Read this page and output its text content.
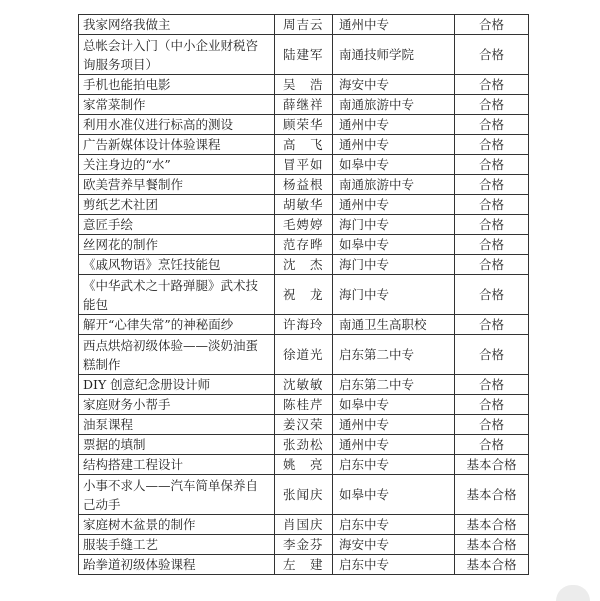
我家网络我做主	周吉云	通州中专	合格
总帐会计入门（中小企业财税咨询服务项目）	陆建军	南通技师学院	合格
手机也能拍电影	吴　浩	海安中专	合格
家常菜制作	薛继祥	南通旅游中专	合格
利用水准仪进行标高的测设	顾荣华	通州中专	合格
广告新媒体设计体验课程	高　飞	通州中专	合格
关注身边的“水”	冒平如	如皋中专	合格
欧美营养早餐制作	杨益根	南通旅游中专	合格
剪纸艺术社团	胡敏华	通州中专	合格
意匠手绘	毛娉婷	海门中专	合格
丝网花的制作	范存晔	如皋中专	合格
《戚风物语》烹饪技能包	沈　杰	海门中专	合格
《中华武术之十路弹腿》武术技能包	祝　龙	海门中专	合格
解开“心律失常”的神秘面纱	许海玲	南通卫生高职校	合格
西点烘焙初级体验——淡奶油蛋糕制作	徐道光	启东第二中专	合格
DIY 创意纪念册设计师	沈敏敏	启东第二中专	合格
家庭财务小帮手	陈桂芹	如皋中专	合格
油泵课程	姜汉荣	通州中专	合格
票据的填制	张劲松	通州中专	合格
结构搭建工程设计	姚　亮	启东中专	基本合格
小事不求人——汽车简单保养自己动手	张闻庆	如皋中专	基本合格
家庭树木盆景的制作	肖国庆	启东中专	基本合格
服装手缝工艺	李金芬	海安中专	基本合格
跆拳道初级体验课程	左　建	启东中专	基本合格
